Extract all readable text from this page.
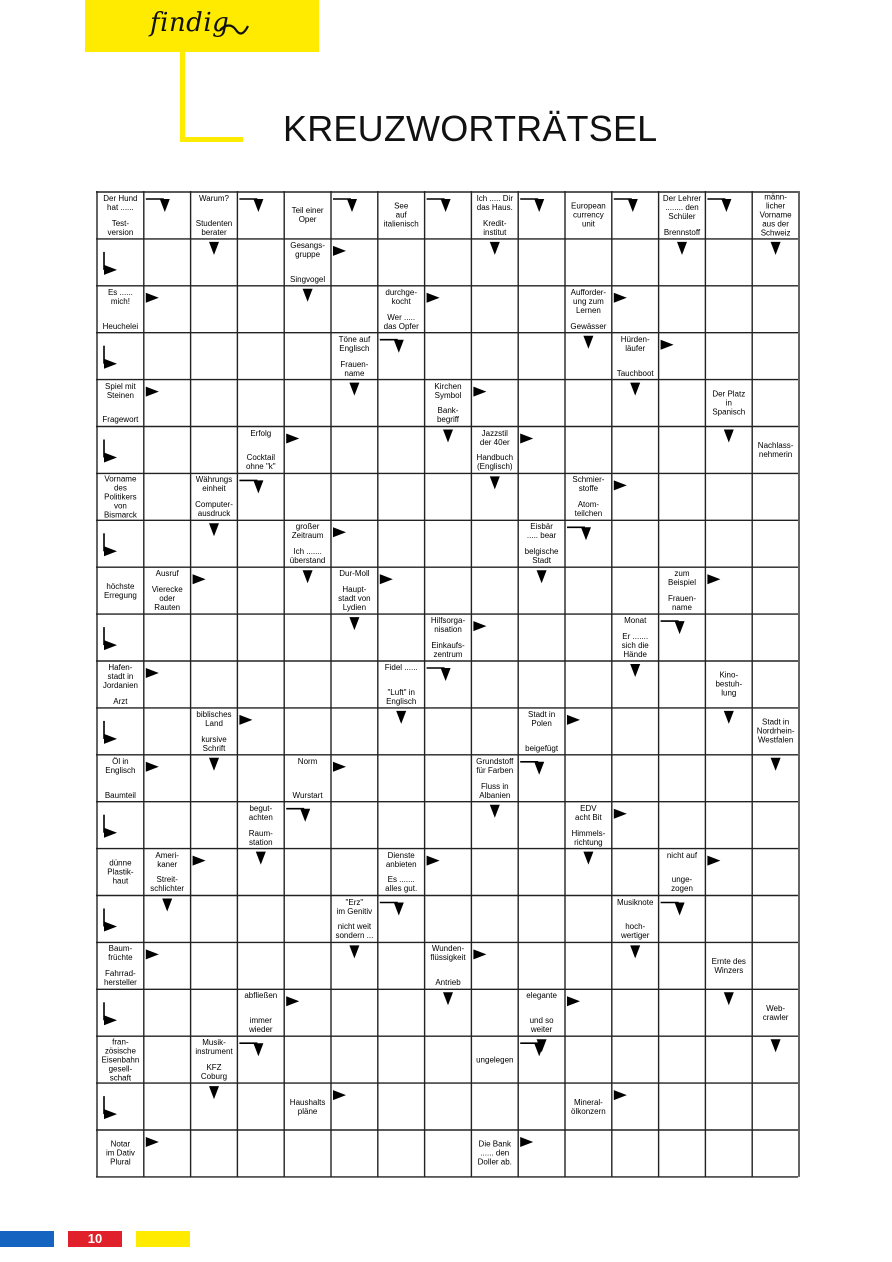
findig
KREUZWORTRÄTSEL
Der Hund
hat ......
Test-
version
Warum?
Studenten
berater
Teil einer
Oper
See
auf
italienisch
Ich ..... Dir
das Haus.
Kredit-
institut
European
currency
unit
Der Lehrer
........ den
Schüler
Brennstoff
männ-
licher
Vorname
aus der
Schweiz
Gesangs-
gruppe
Singvogel
Es ......
mich!
Heuchelei
durchge-
kocht
Wer .....
das Opfer
Aufforder-
ung zum
Lernen
Gewässer
Töne auf
Englisch
Frauen-
name
Hürden-
läufer
Tauchboot
Spiel mit
Steinen
Fragewort
Kirchen
Symbol
Bank-
begriff
Der Platz
in
Spanisch
Erfolg
Cocktail
ohne "k"
Jazzstil
der 40er
Handbuch
(Englisch)
Nachlass-
nehmerin
Vorname
des
Politikers
von
Bismarck
Währungs
einheit
Computer-
ausdruck
Schmier-
stoffe
Atom-
teilchen
großer
Zeitraum
Ich .......
überstand
Eisbär
..... bear
belgische
Stadt
höchste
Erregung
Ausruf
Vierecke
oder
Rauten
Dur-Moll
Haupt-
stadt von
Lydien
zum
Beispiel
Frauen-
name
Hilfsorga-
nisation
Einkaufs-
zentrum
Monat
Er .......
sich die
Hände
Hafen-
stadt in
Jordanien
Arzt
Fidel ......
"Luft" in
Englisch
Kino-
bestuh-
lung
biblisches
Land
kursive
Schrift
Stadt in
Polen
beigefügt
Stadt in
Nordrhein-
Westfalen
Öl in
Englisch
Baumteil
Norm
Wurstart
Grundstoff
für Farben
Fluss in
Albanien
begut-
achten
Raum-
station
EDV
acht Bit
Himmels-
richtung
dünne
Plastik-
haut
Ameri-
kaner
Streit-
schlichter
Dienste
anbieten
Es .......
alles gut.
nicht auf
unge-
zogen
"Erz"
im Genitiv
nicht weit
sondern ...
Musiknote
hoch-
wertiger
Baum-
früchte
Fahrrad-
hersteller
Wunden-
flüssigkeit
Antrieb
Ernte des
Winzers
abfließen
immer
wieder
elegante
und so
weiter
Web-
crawler
fran-
zösische
Eisenbahn
gesell-
schaft
Musik-
instrument
KFZ
Coburg
ungelegen
Haushalts
pläne
Mineral-
ölkonzern
Notar
im Dativ
Plural
Die Bank
...... den
Doller ab.
10
